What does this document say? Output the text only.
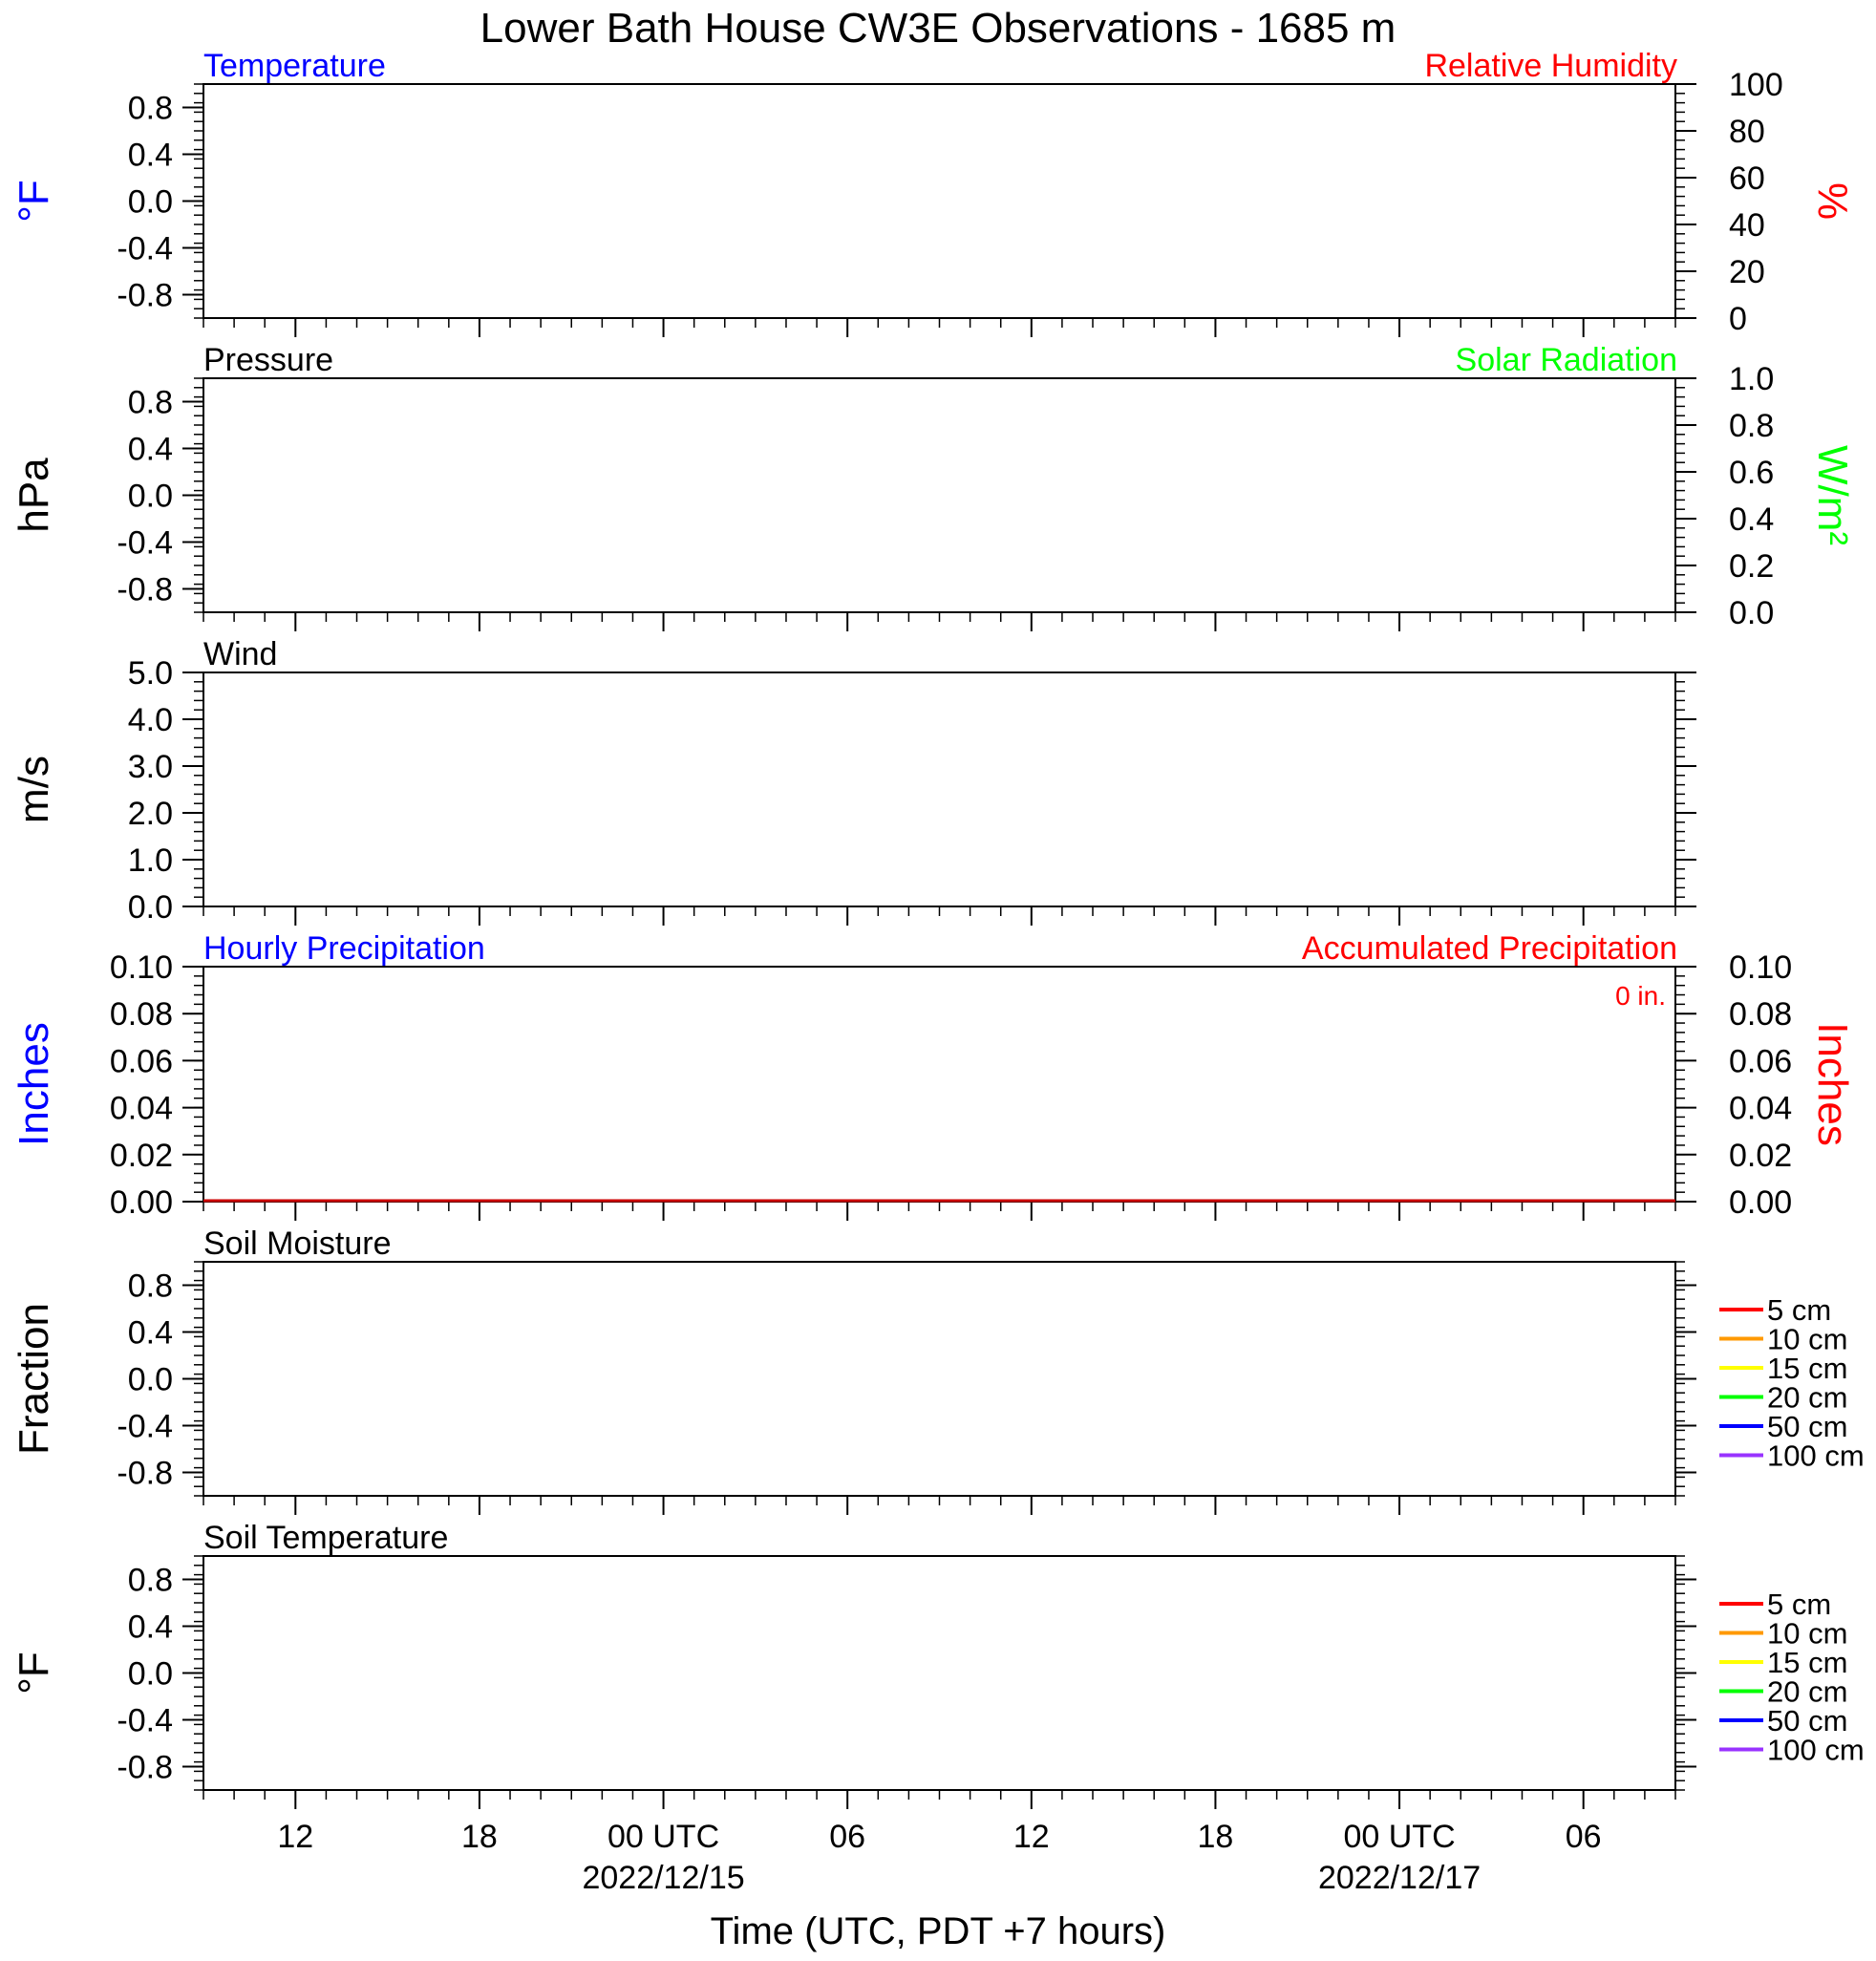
Lower Bath House CW3E Observations - 1685 m
Temperature	Relative Humidity
0.8
0.4
0.0
-0.4
-0.8
100
80
60
40
20
0
°F	%
Pressure	Solar Radiation
0.8
0.4
0.0
-0.4
-0.8
1.0
0.8
0.6
0.4
0.2
0.0
hPa	W/m²
Wind
5.0
4.0
3.0
2.0
1.0
0.0
m/s
Hourly Precipitation	Accumulated Precipitation
0.10
0.08
0.06
0.04
0.02
0.00
0.10
0.08
0.06
0.04
0.02
0.00
Inches	Inches
0 in.
Soil Moisture
0.8
0.4
0.0
-0.4
-0.8
Fraction	5 cm
10 cm
15 cm
20 cm
50 cm
100 cm
Soil Temperature
0.8
0.4
0.0
-0.4
-0.8
°F
5 cm
10 cm
15 cm
20 cm
50 cm
100 cm
12	18	00 UTC
2022/12/15
06	12	18	00 UTC
2022/12/17
06
Time (UTC, PDT +7 hours)
